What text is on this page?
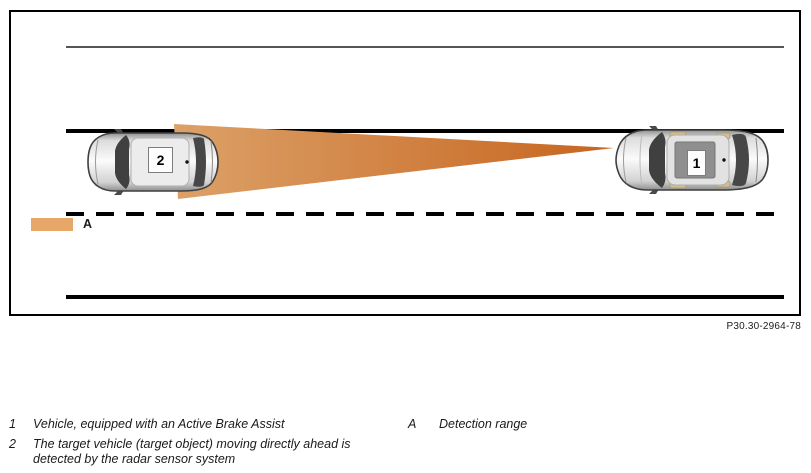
2	1
A
P30.30-2964-78
1	Vehicle, equipped with an Active Brake Assist
2	The target vehicle (target object) moving directly ahead is detected by the radar sensor system
A	Detection range
